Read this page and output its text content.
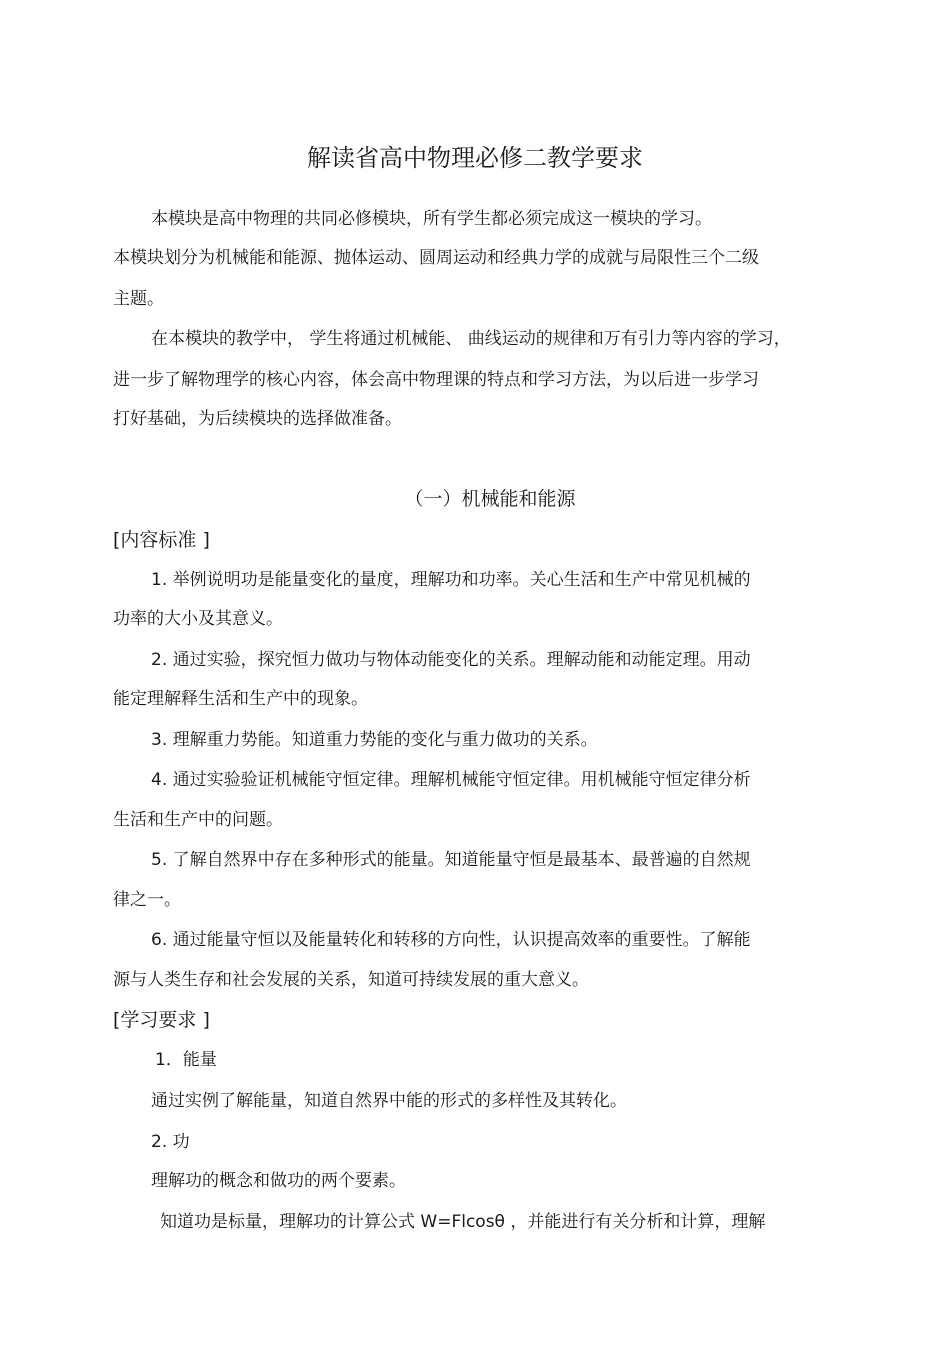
解读省高中物理必修二教学要求
本模块是高中物理的共同必修模块，所有学生都必须完成这一模块的学习。
本模块划分为机械能和能源、抛体运动、圆周运动和经典力学的成就与局限性三个二级
主题。
在本模块的教学中， 学生将通过机械能、 曲线运动的规律和万有引力等内容的学习，
进一步了解物理学的核心内容，体会高中物理课的特点和学习方法，为以后进一步学习
打好基础，为后续模块的选择做准备。
（一）机械能和能源
[内容标准 ]
1. 举例说明功是能量变化的量度，理解功和功率。关心生活和生产中常见机械的
功率的大小及其意义。
2. 通过实验，探究恒力做功与物体动能变化的关系。理解动能和动能定理。用动
能定理解释生活和生产中的现象。
3. 理解重力势能。知道重力势能的变化与重力做功的关系。
4. 通过实验验证机械能守恒定律。理解机械能守恒定律。用机械能守恒定律分析
生活和生产中的问题。
5. 了解自然界中存在多种形式的能量。知道能量守恒是最基本、最普遍的自然规
律之一。
6. 通过能量守恒以及能量转化和转移的方向性，认识提高效率的重要性。了解能
源与人类生存和社会发展的关系，知道可持续发展的重大意义。
[学习要求 ]
1．能量
通过实例了解能量，知道自然界中能的形式的多样性及其转化。
2. 功
理解功的概念和做功的两个要素。
知道功是标量，理解功的计算公式 W=Flcosθ ，并能进行有关分析和计算，理解
